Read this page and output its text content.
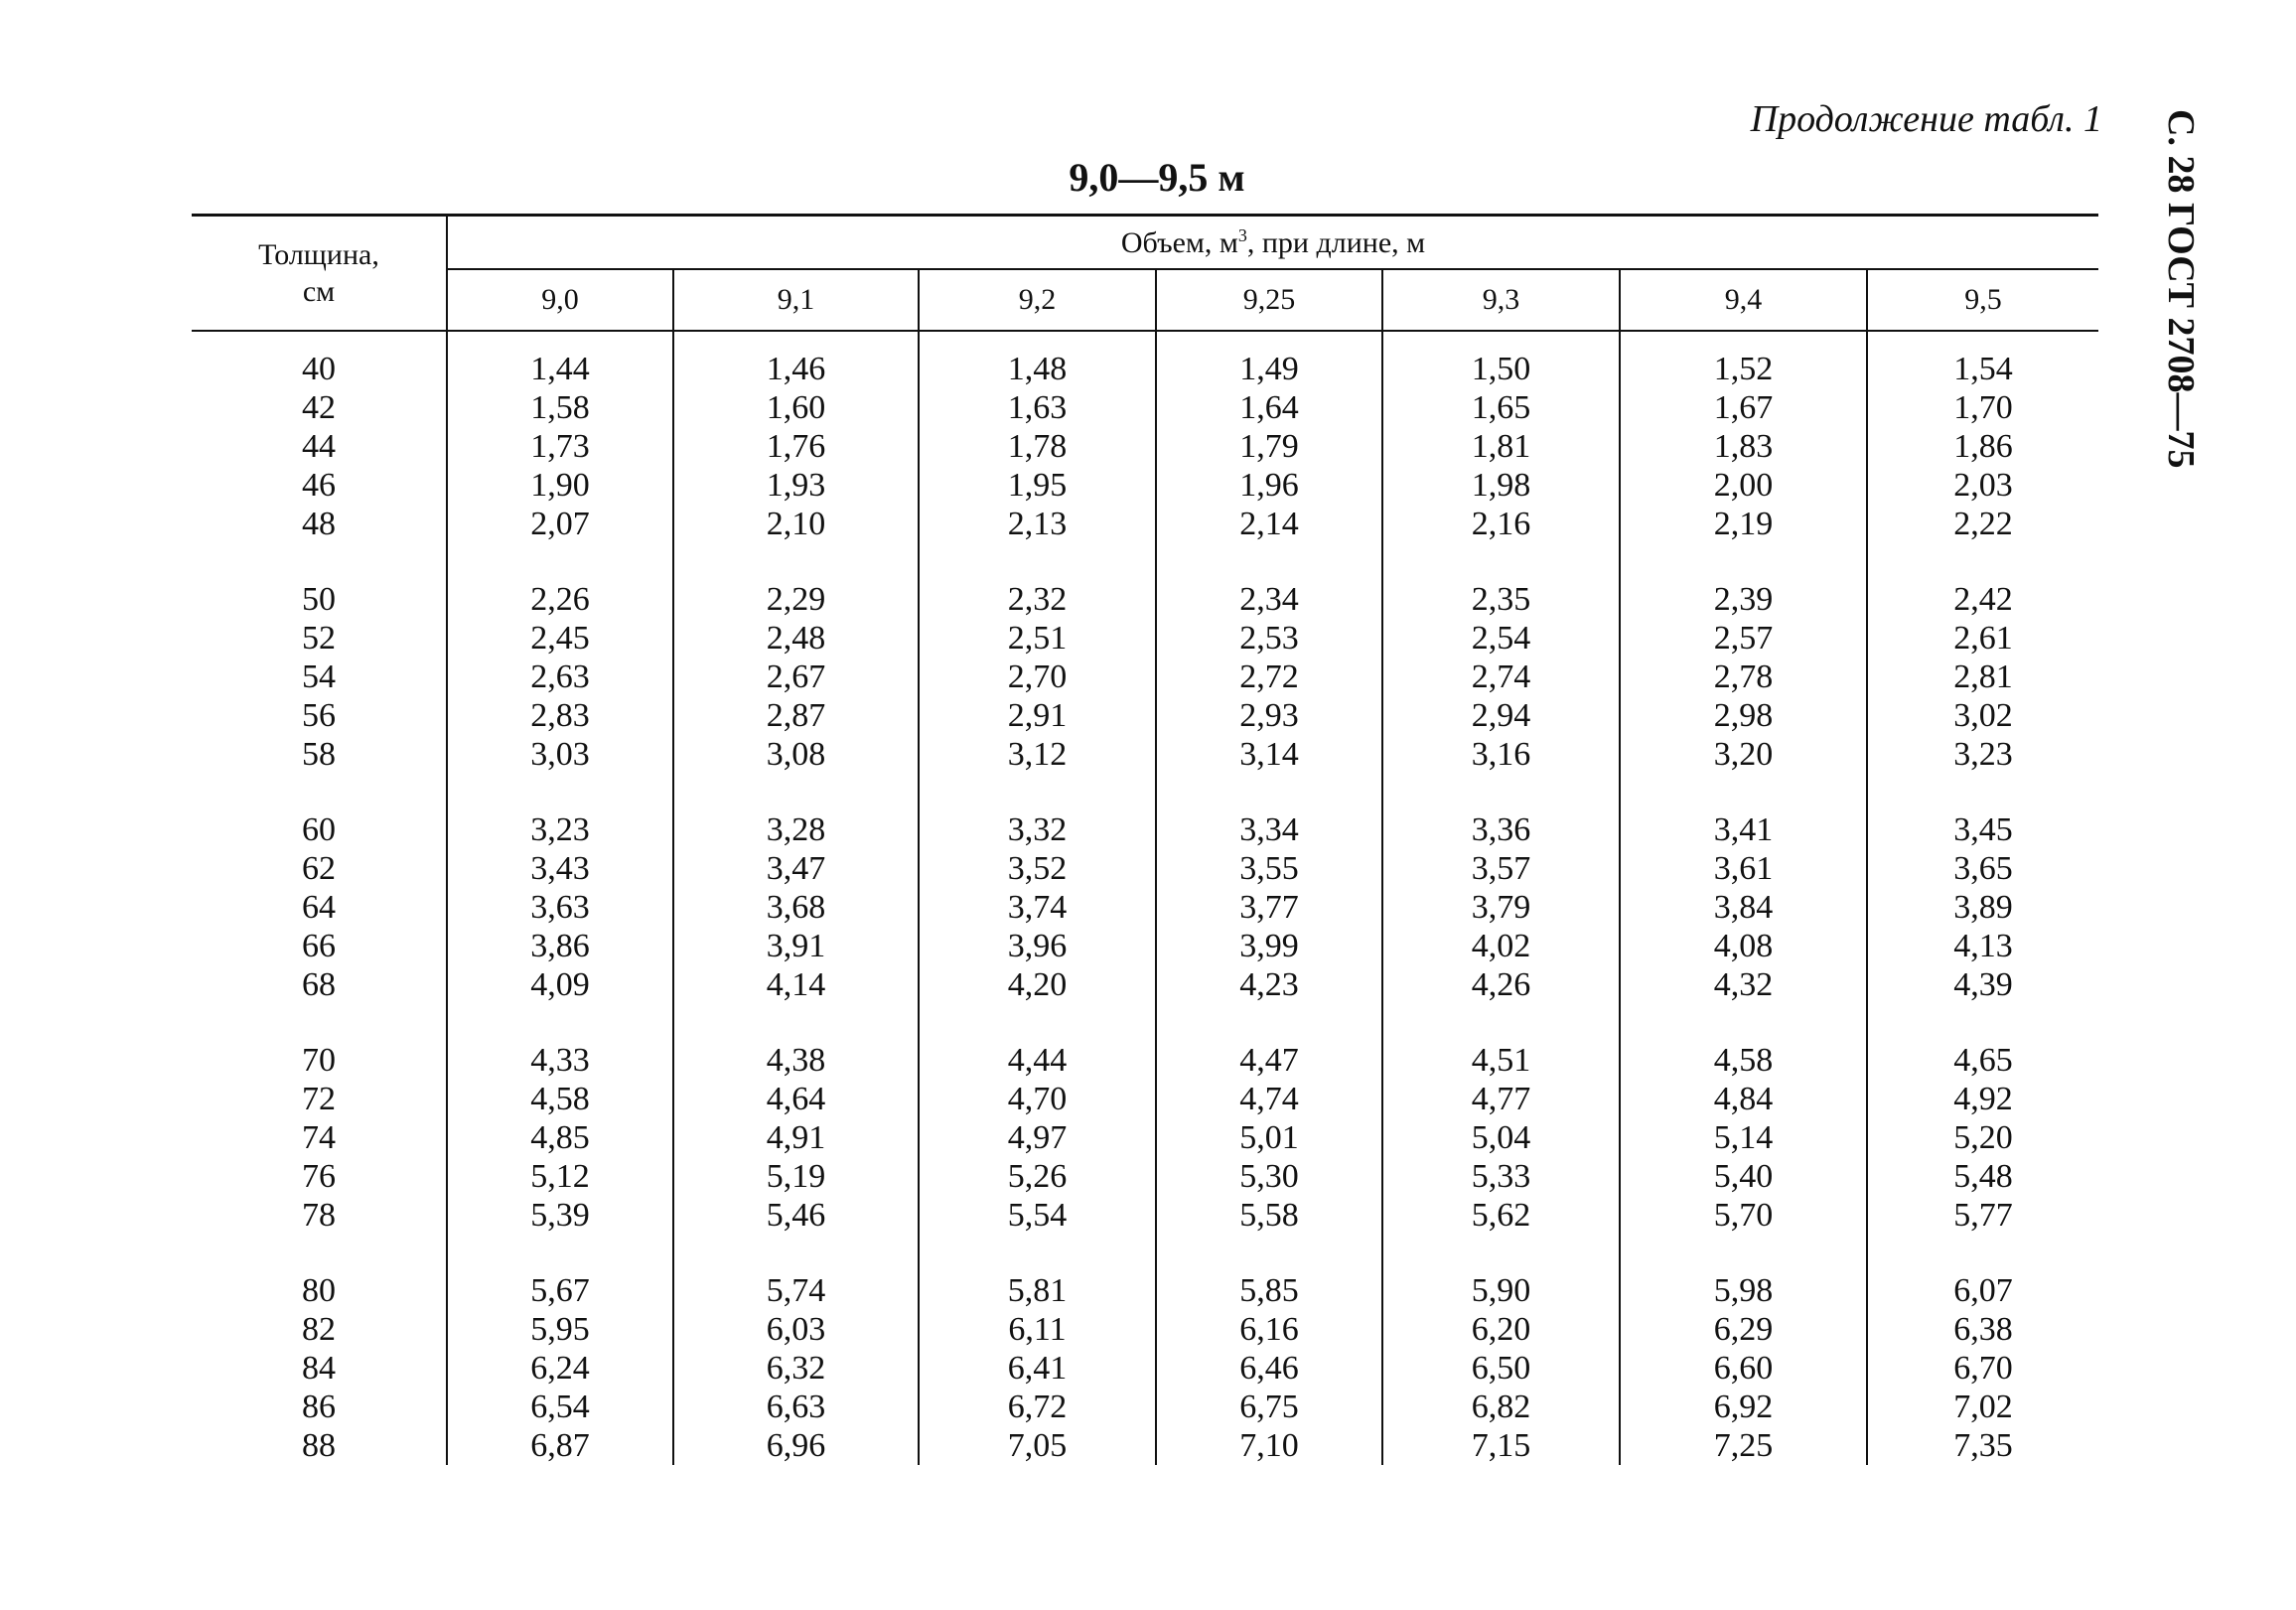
Продолжение табл. 1 С. 28 ГОСТ 2708—75
9,0—9,5 м
Толщина,
см	Объем, $м^3$, при длине, м						
	9,0	9,1	9,2	9,25	9,3	9,4	9,5

40	1,44	1,46	1,48	1,49	1,50	1,52	1,54
42	1,58	1,60	1,63	1,64	1,65	1,67	1,70
44	1,73	1,76	1,78	1,79	1,81	1,83	1,86
46	1,90	1,93	1,95	1,96	1,98	2,00	2,03
48	2,07	2,10	2,13	2,14	2,16	2,19	2,22

50	2,26	2,29	2,32	2,34	2,35	2,39	2,42
52	2,45	2,48	2,51	2,53	2,54	2,57	2,61
54	2,63	2,67	2,70	2,72	2,74	2,78	2,81
56	2,83	2,87	2,91	2,93	2,94	2,98	3,02
58	3,03	3,08	3,12	3,14	3,16	3,20	3,23

60	3,23	3,28	3,32	3,34	3,36	3,41	3,45
62	3,43	3,47	3,52	3,55	3,57	3,61	3,65
64	3,63	3,68	3,74	3,77	3,79	3,84	3,89
66	3,86	3,91	3,96	3,99	4,02	4,08	4,13
68	4,09	4,14	4,20	4,23	4,26	4,32	4,39

70	4,33	4,38	4,44	4,47	4,51	4,58	4,65
72	4,58	4,64	4,70	4,74	4,77	4,84	4,92
74	4,85	4,91	4,97	5,01	5,04	5,14	5,20
76	5,12	5,19	5,26	5,30	5,33	5,40	5,48
78	5,39	5,46	5,54	5,58	5,62	5,70	5,77

80	5,67	5,74	5,81	5,85	5,90	5,98	6,07
82	5,95	6,03	6,11	6,16	6,20	6,29	6,38
84	6,24	6,32	6,41	6,46	6,50	6,60	6,70
86	6,54	6,63	6,72	6,75	6,82	6,92	7,02
88	6,87	6,96	7,05	7,10	7,15	7,25	7,35
